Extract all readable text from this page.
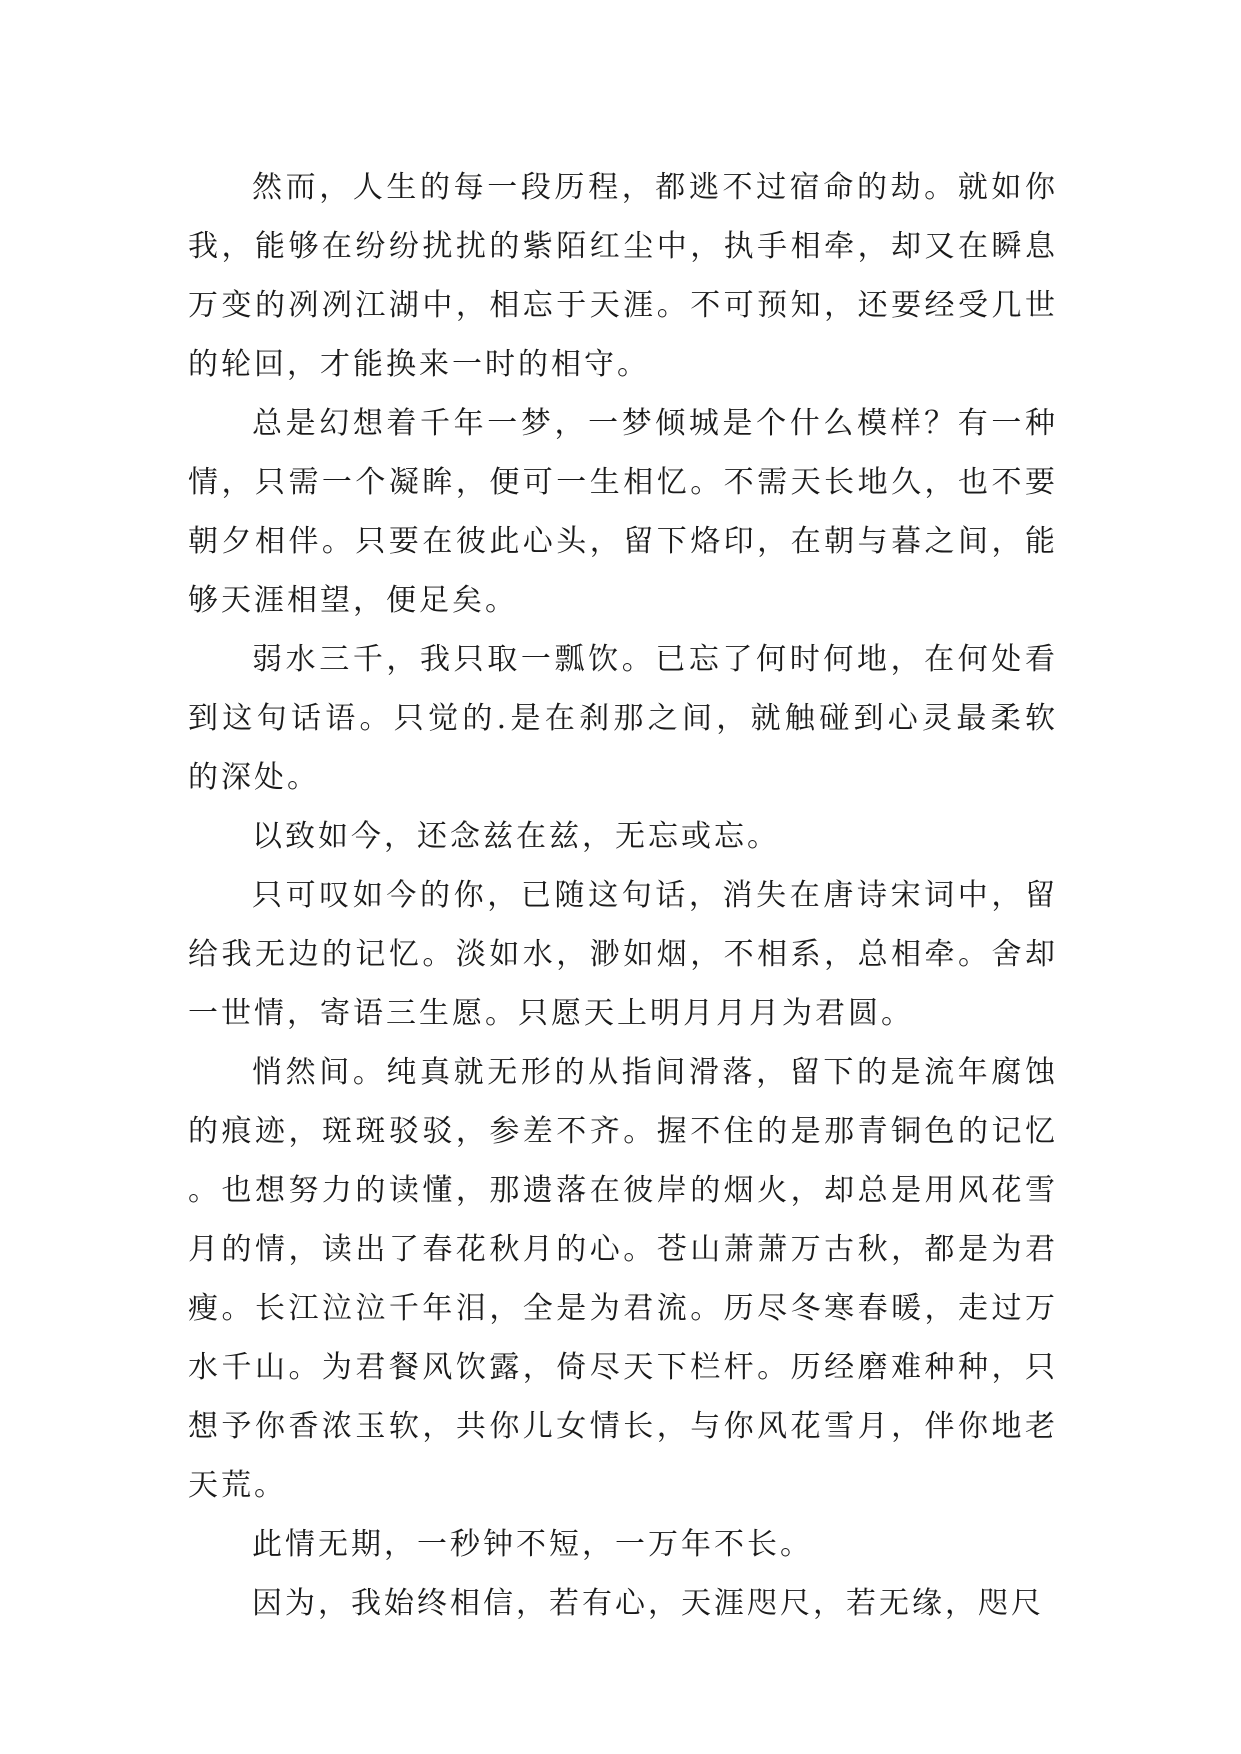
然而，人生的每一段历程，都逃不过宿命的劫。就如你我，能够在纷纷扰扰的紫陌红尘中，执手相牵，却又在瞬息万变的冽冽江湖中，相忘于天涯。不可预知，还要经受几世的轮回，才能换来一时的相守。

总是幻想着千年一梦，一梦倾城是个什么模样？有一种情，只需一个凝眸，便可一生相忆。不需天长地久，也不要朝夕相伴。只要在彼此心头，留下烙印，在朝与暮之间，能够天涯相望，便足矣。

弱水三千，我只取一瓢饮。已忘了何时何地，在何处看到这句话语。只觉的.是在刹那之间，就触碰到心灵最柔软的深处。

以致如今，还念兹在兹，无忘或忘。

只可叹如今的你，已随这句话，消失在唐诗宋词中，留给我无边的记忆。淡如水，渺如烟，不相系，总相牵。舍却一世情，寄语三生愿。只愿天上明月月月为君圆。

悄然间。纯真就无形的从指间滑落，留下的是流年腐蚀的痕迹，斑斑驳驳，参差不齐。握不住的是那青铜色的记忆。也想努力的读懂，那遗落在彼岸的烟火，却总是用风花雪月的情，读出了春花秋月的心。苍山萧萧万古秋，都是为君瘦。长江泣泣千年泪，全是为君流。历尽冬寒春暖，走过万水千山。为君餐风饮露，倚尽天下栏杆。历经磨难种种，只想予你香浓玉软，共你儿女情长，与你风花雪月，伴你地老天荒。

此情无期，一秒钟不短，一万年不长。

因为，我始终相信，若有心，天涯咫尺，若无缘，咫尺
